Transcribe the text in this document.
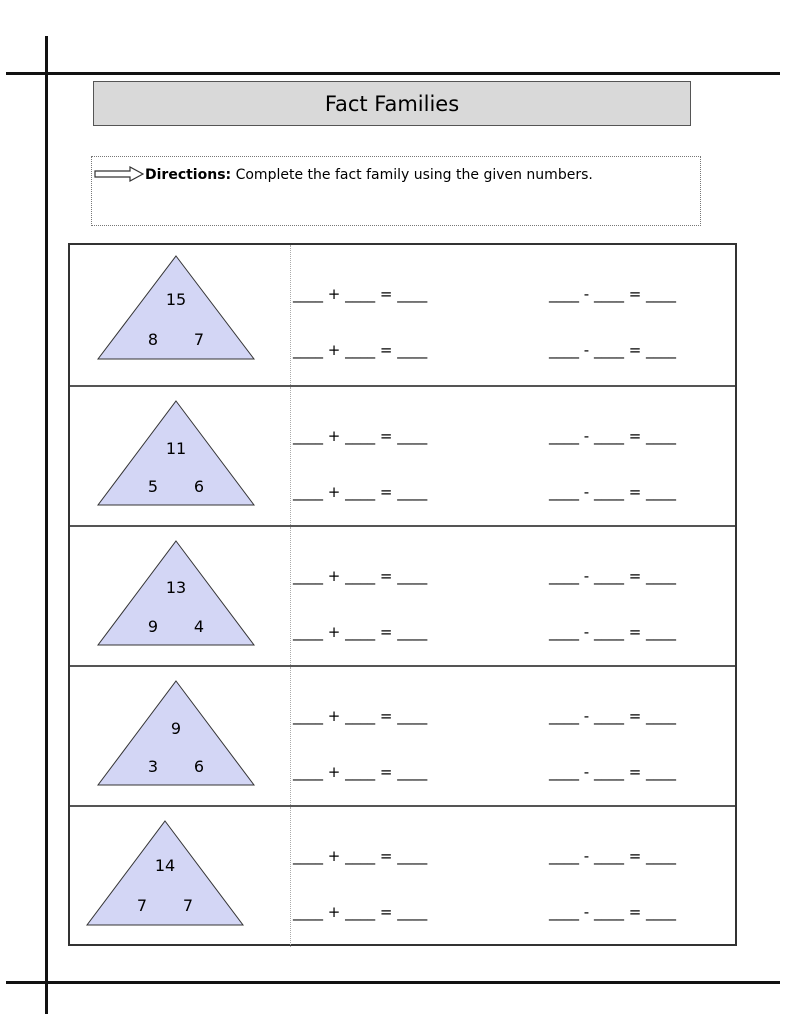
Fact Families
Directions: Complete the fact family using the given numbers.
15
8	7
____ + ____ = ____	____ - ____ = ____
____ + ____ = ____	____ - ____ = ____
11
5	6
____ + ____ = ____	____ - ____ = ____
____ + ____ = ____	____ - ____ = ____
13
9	4
____ + ____ = ____	____ - ____ = ____
____ + ____ = ____	____ - ____ = ____
9
3	6
____ + ____ = ____	____ - ____ = ____
____ + ____ = ____	____ - ____ = ____
14
7	7
____ + ____ = ____	____ - ____ = ____
____ + ____ = ____	____ - ____ = ____
